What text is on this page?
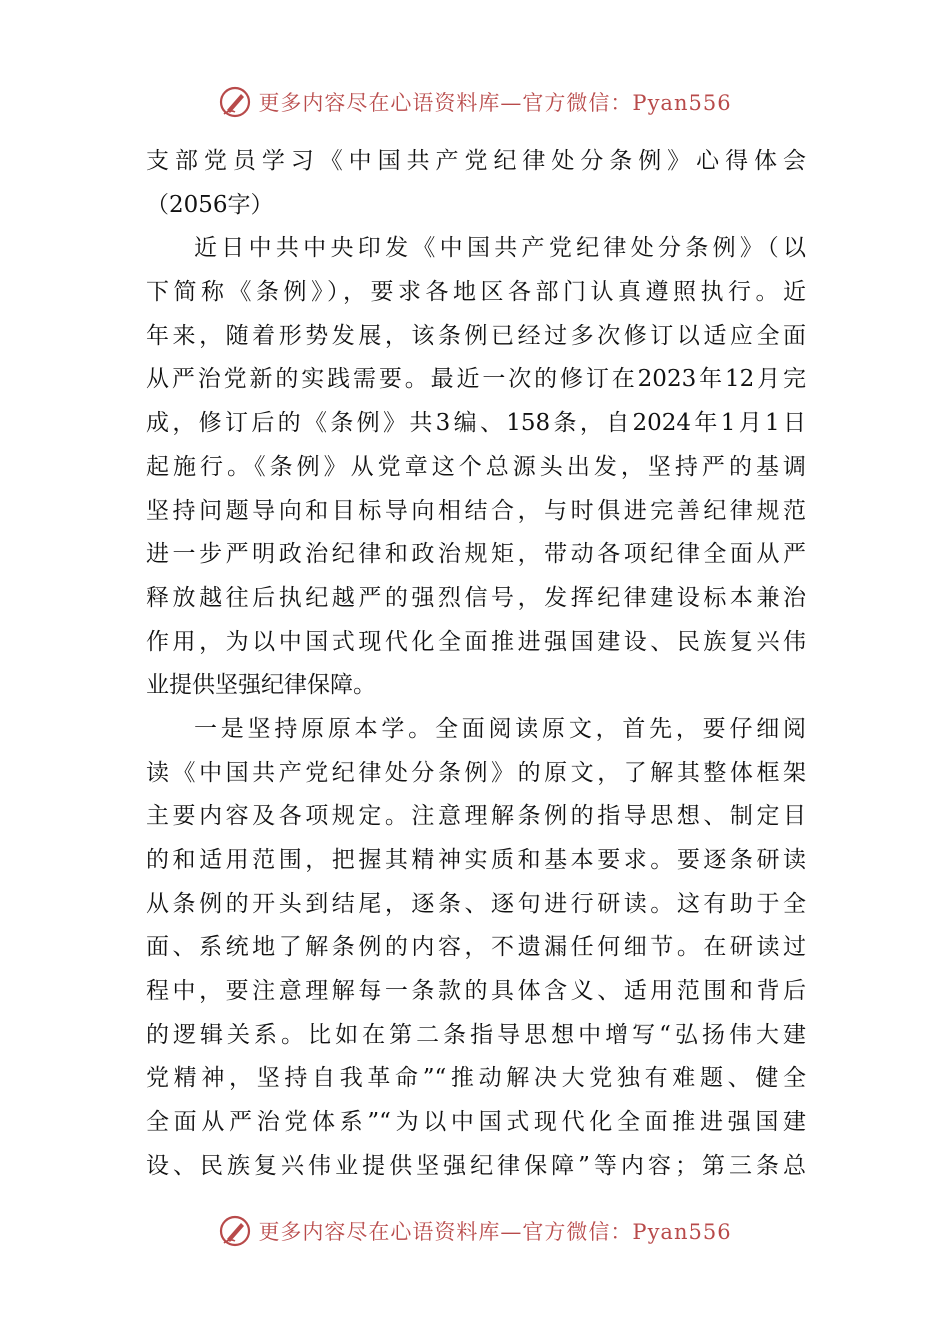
更多内容尽在心语资料库—官方微信：Pyan556
支部党员学习《中国共产党纪律处分条例》心得体会
（2056字）
近日中共中央印发《中国共产党纪律处分条例》（以
下简称《条例》），要求各地区各部门认真遵照执行。近
年来，随着形势发展，该条例已经过多次修订以适应全面
从严治党新的实践需要。最近一次的修订在2023年12月完
成，修订后的《条例》共3编、158条，自2024年1月1日
起施行。《条例》从党章这个总源头出发，坚持严的基调
坚持问题导向和目标导向相结合，与时俱进完善纪律规范
进一步严明政治纪律和政治规矩，带动各项纪律全面从严
释放越往后执纪越严的强烈信号，发挥纪律建设标本兼治
作用，为以中国式现代化全面推进强国建设、民族复兴伟
业提供坚强纪律保障。
一是坚持原原本学。全面阅读原文，首先，要仔细阅
读《中国共产党纪律处分条例》的原文，了解其整体框架
主要内容及各项规定。注意理解条例的指导思想、制定目
的和适用范围，把握其精神实质和基本要求。要逐条研读
从条例的开头到结尾，逐条、逐句进行研读。这有助于全
面、系统地了解条例的内容，不遗漏任何细节。在研读过
程中，要注意理解每一条款的具体含义、适用范围和背后
的逻辑关系。比如在第二条指导思想中增写“弘扬伟大建
党精神，坚持自我革命”“推动解决大党独有难题、健全
全面从严治党体系”“为以中国式现代化全面推进强国建
设、民族复兴伟业提供坚强纪律保障”等内容；第三条总
更多内容尽在心语资料库—官方微信：Pyan556
